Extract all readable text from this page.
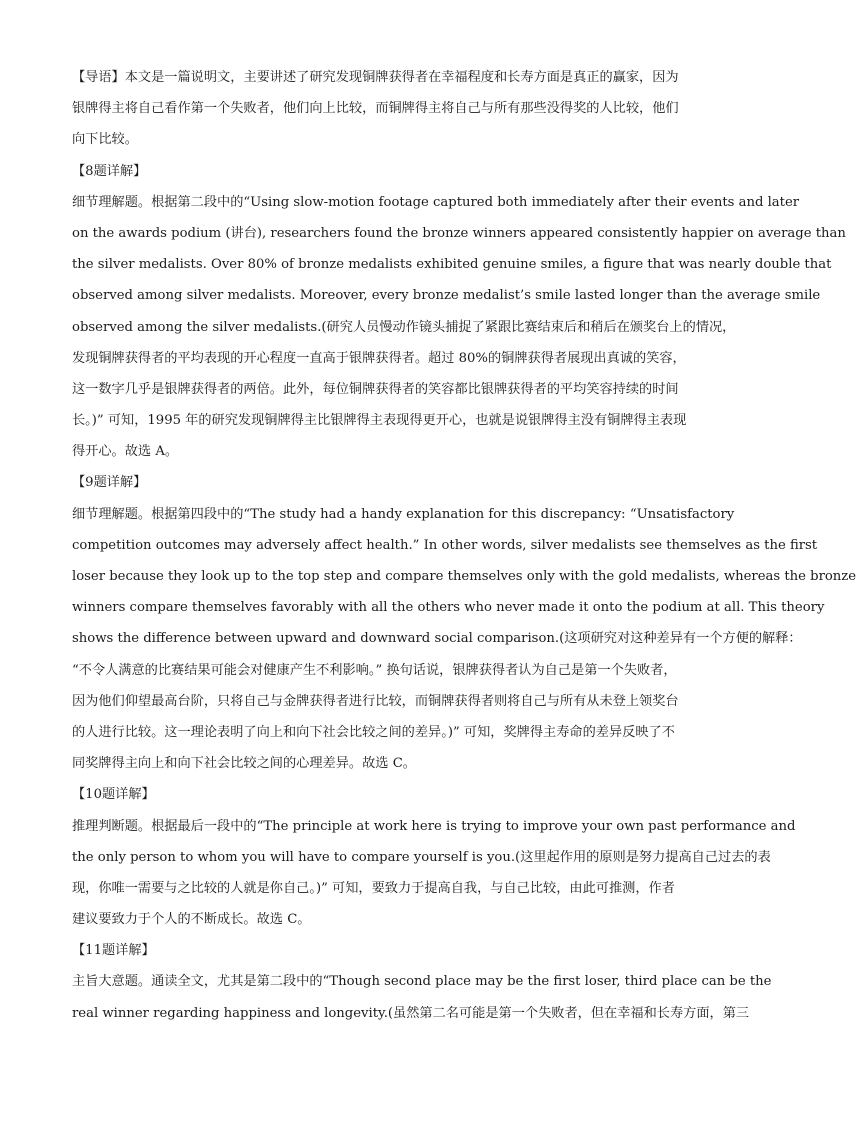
【导语】本文是一篇说明文，主要讲述了研究发现铜牌获得者在幸福程度和长寿方面是真正的赢家，因为
银牌得主将自己看作第一个失败者，他们向上比较，而铜牌得主将自己与所有那些没得奖的人比较，他们
向下比较。
【8题详解】
细节理解题。根据第二段中的“Using slow-motion footage captured both immediately after their events and later
on the awards podium (讲台), researchers found the bronze winners appeared consistently happier on average than
the silver medalists. Over 80% of bronze medalists exhibited genuine smiles, a figure that was nearly double that
observed among silver medalists. Moreover, every bronze medalist’s smile lasted longer than the average smile
observed among the silver medalists.(研究人员慢动作镜头捕捉了紧跟比赛结束后和稍后在颁奖台上的情况，
发现铜牌获得者的平均表现的开心程度一直高于银牌获得者。超过 80%的铜牌获得者展现出真诚的笑容，
这一数字几乎是银牌获得者的两倍。此外，每位铜牌获得者的笑容都比银牌获得者的平均笑容持续的时间
长。)” 可知，1995 年的研究发现铜牌得主比银牌得主表现得更开心，也就是说银牌得主没有铜牌得主表现
得开心。故选 A。
【9题详解】
细节理解题。根据第四段中的“The study had a handy explanation for this discrepancy: “Unsatisfactory
competition outcomes may adversely affect health.” In other words, silver medalists see themselves as the first
loser because they look up to the top step and compare themselves only with the gold medalists, whereas the bronze
winners compare themselves favorably with all the others who never made it onto the podium at all. This theory
shows the difference between upward and downward social comparison.(这项研究对这种差异有一个方便的解释：
“不令人满意的比赛结果可能会对健康产生不利影响。” 换句话说，银牌获得者认为自己是第一个失败者，
因为他们仰望最高台阶，只将自己与金牌获得者进行比较，而铜牌获得者则将自己与所有从未登上领奖台
的人进行比较。这一理论表明了向上和向下社会比较之间的差异。)” 可知，奖牌得主寿命的差异反映了不
同奖牌得主向上和向下社会比较之间的心理差异。故选 C。
【10题详解】
推理判断题。根据最后一段中的“The principle at work here is trying to improve your own past performance and
the only person to whom you will have to compare yourself is you.(这里起作用的原则是努力提高自己过去的表
现，你唯一需要与之比较的人就是你自己。)” 可知，要致力于提高自我，与自己比较，由此可推测，作者
建议要致力于个人的不断成长。故选 C。
【11题详解】
主旨大意题。通读全文，尤其是第二段中的“Though second place may be the first loser, third place can be the
real winner regarding happiness and longevity.(虽然第二名可能是第一个失败者，但在幸福和长寿方面，第三
